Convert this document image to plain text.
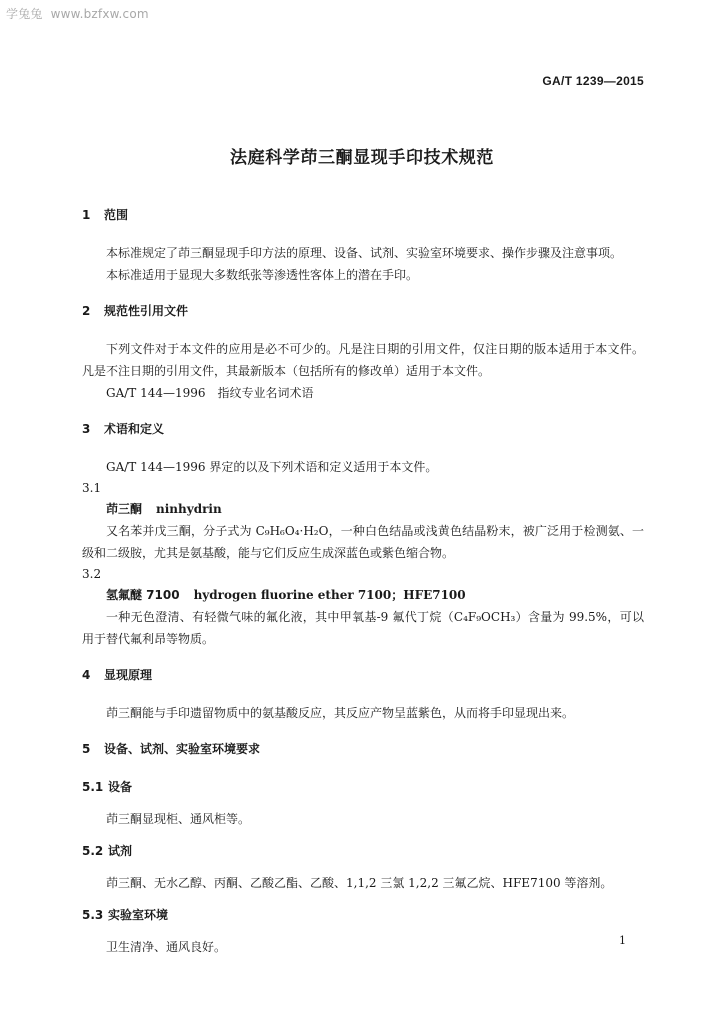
学兔兔 www.bzfxw.com
GA/T 1239—2015
法庭科学茚三酮显现手印技术规范
1 范围

本标准规定了茚三酮显现手印方法的原理、设备、试剂、实验室环境要求、操作步骤及注意事项。

本标准适用于显现大多数纸张等渗透性客体上的潜在手印。

2 规范性引用文件

下列文件对于本文件的应用是必不可少的。凡是注日期的引用文件，仅注日期的版本适用于本文件。凡是不注日期的引用文件，其最新版本（包括所有的修改单）适用于本文件。

GA/T 144—1996　指纹专业名词术语

3 术语和定义

GA/T 144—1996 界定的以及下列术语和定义适用于本文件。

3.1
茚三酮 ninhydrin

又名苯并戊三酮，分子式为 C₉H₆O₄·H₂O，一种白色结晶或浅黄色结晶粉末，被广泛用于检测氨、一级和二级胺，尤其是氨基酸，能与它们反应生成深蓝色或紫色缩合物。

3.2
氢氟醚 7100 hydrogen fluorine ether 7100；HFE7100

一种无色澄清、有轻微气味的氟化液，其中甲氧基-9 氟代丁烷（C₄F₉OCH₃）含量为 99.5%，可以用于替代氟利昂等物质。

4 显现原理

茚三酮能与手印遗留物质中的氨基酸反应，其反应产物呈蓝紫色，从而将手印显现出来。

5 设备、试剂、实验室环境要求
5.1 设备

茚三酮显现柜、通风柜等。

5.2 试剂

茚三酮、无水乙醇、丙酮、乙酸乙酯、乙酸、1,1,2 三氯 1,2,2 三氟乙烷、HFE7100 等溶剂。

5.3 实验室环境

卫生清净、通风良好。	1
